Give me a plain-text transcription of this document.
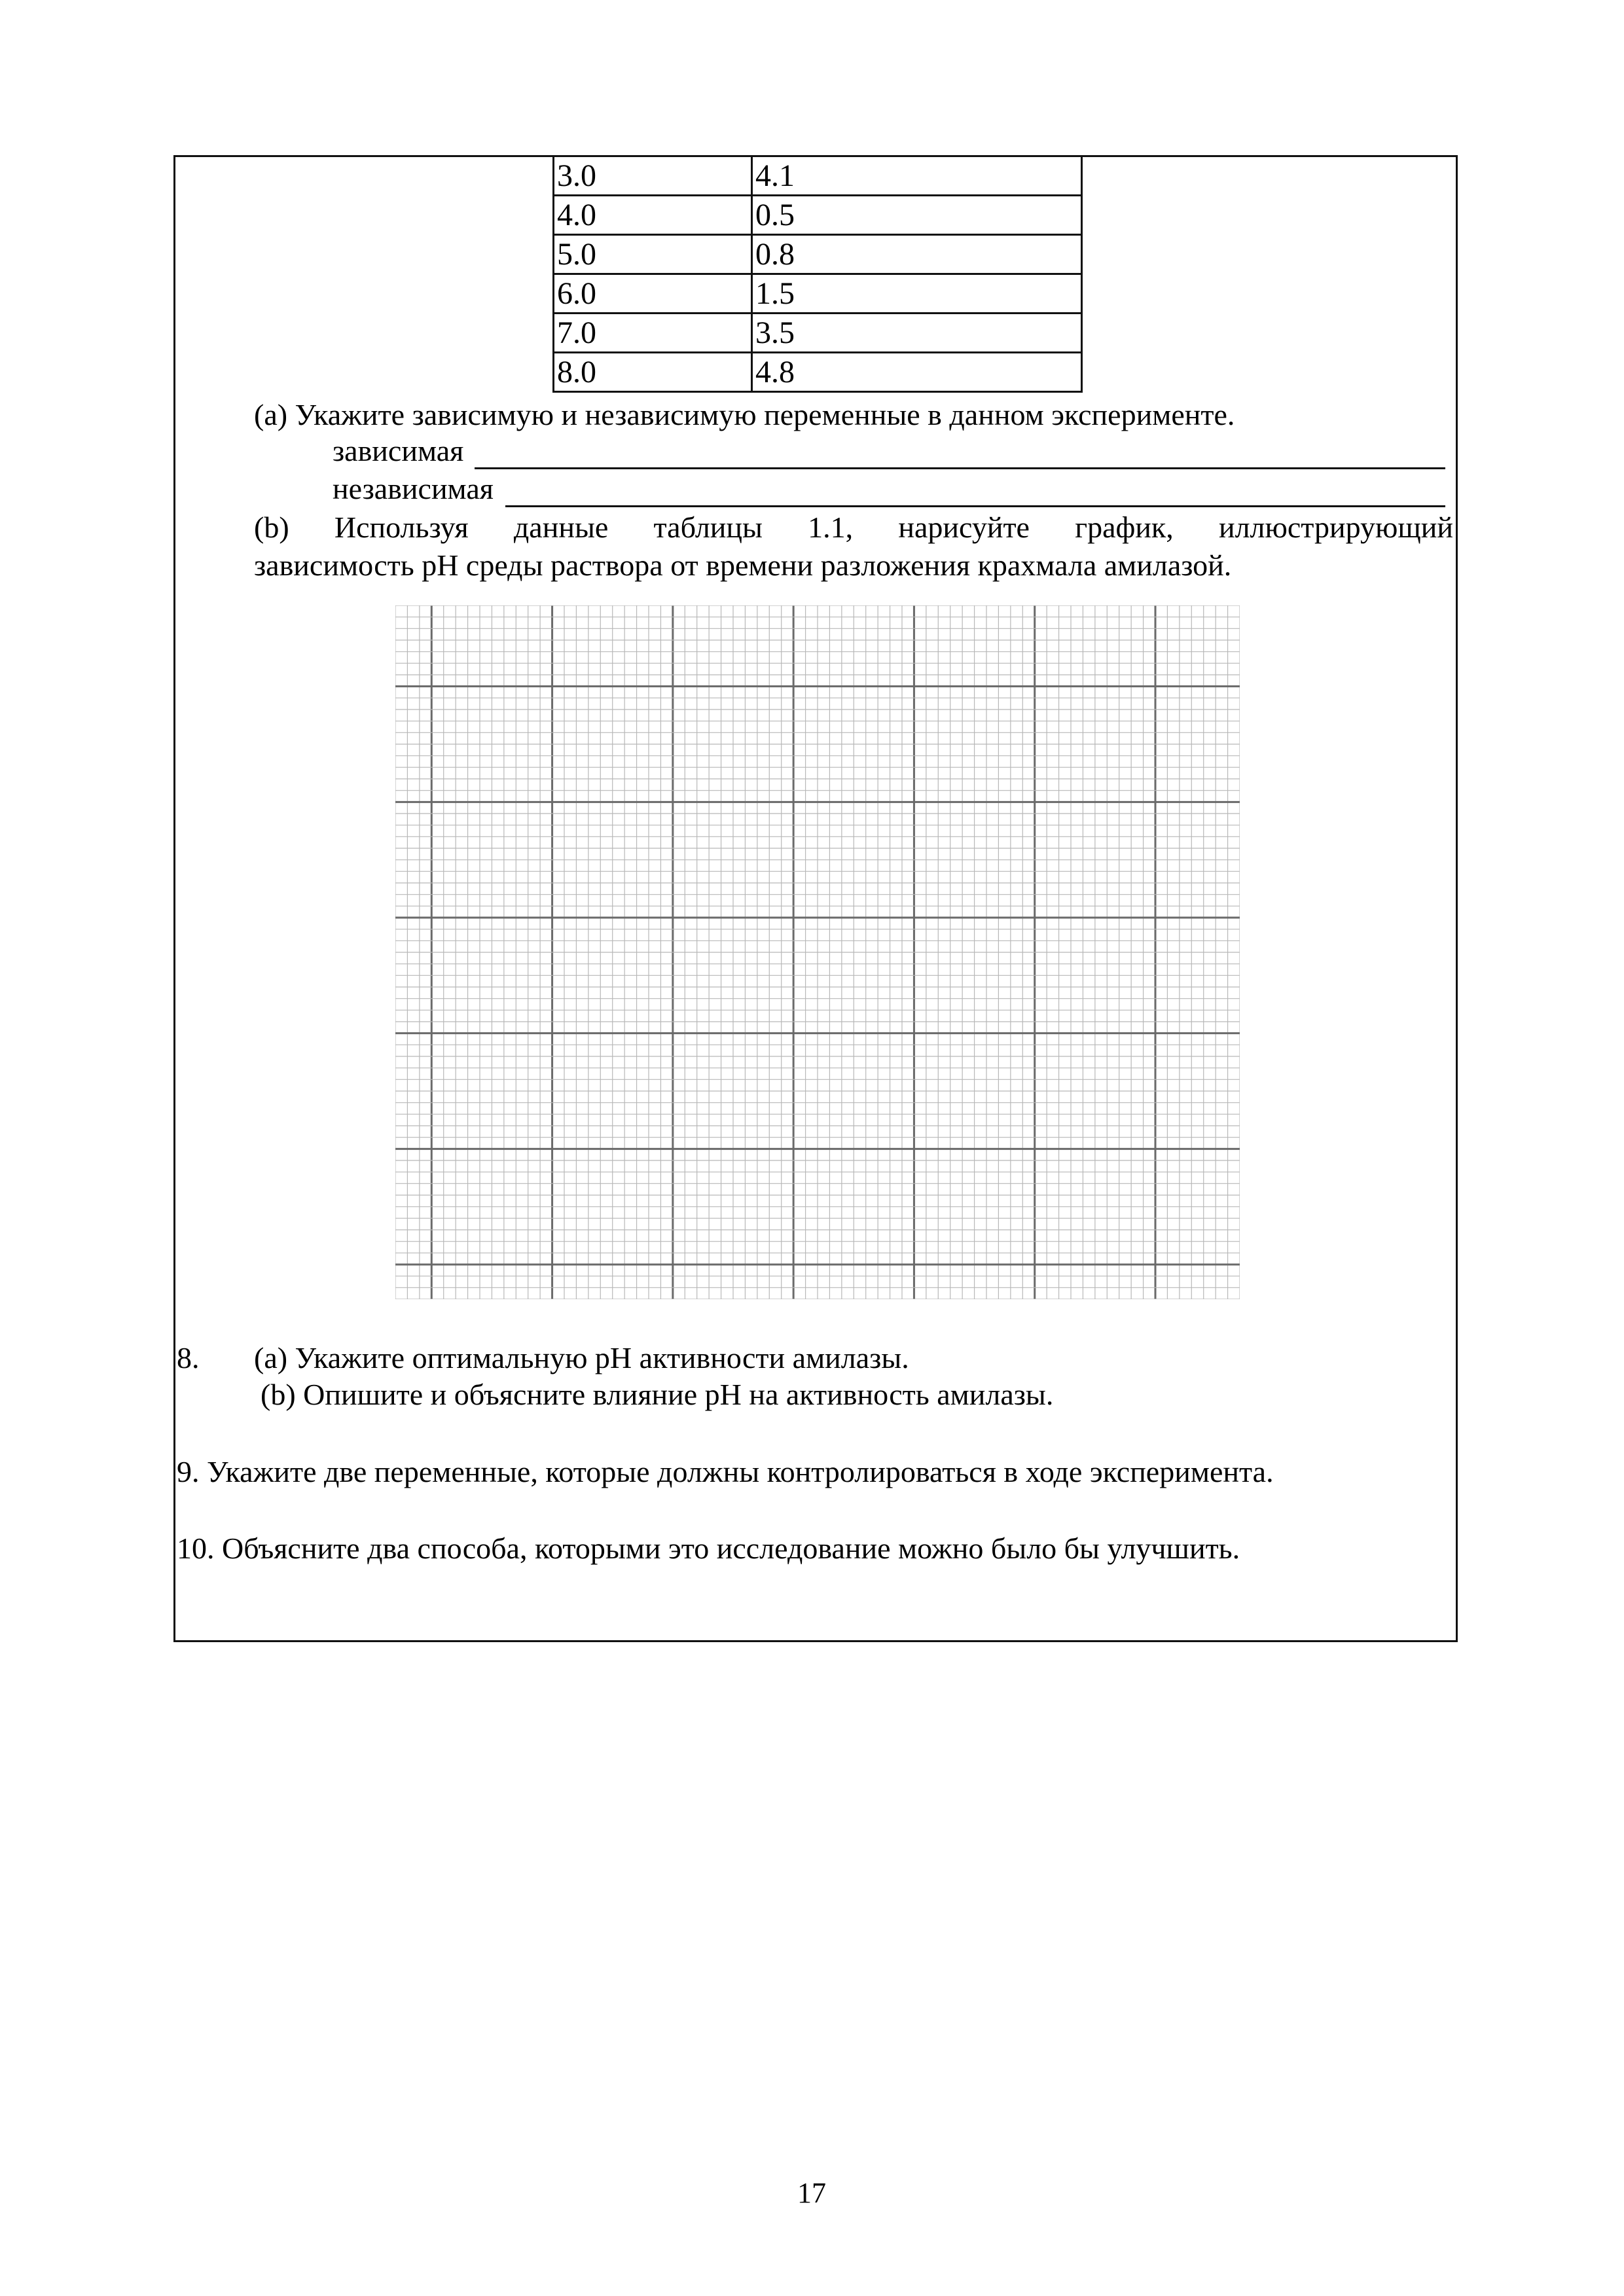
3.0	4.1
4.0	0.5
5.0	0.8
6.0	1.5
7.0	3.5
8.0	4.8
(a) Укажите зависимую и независимую переменные в данном эксперименте.
зависимая
независимая
(b) Используя данные таблицы 1.1, нарисуйте график, иллюстрирующий
зависимость pH среды раствора от времени разложения крахмала амилазой.
8. (a) Укажите оптимальную pH активности амилазы.
(b) Опишите и объясните влияние pH на активность амилазы.
9. Укажите две переменные, которые должны контролироваться в ходе эксперимента.
10. Объясните два способа, которыми это исследование можно было бы улучшить.
17
